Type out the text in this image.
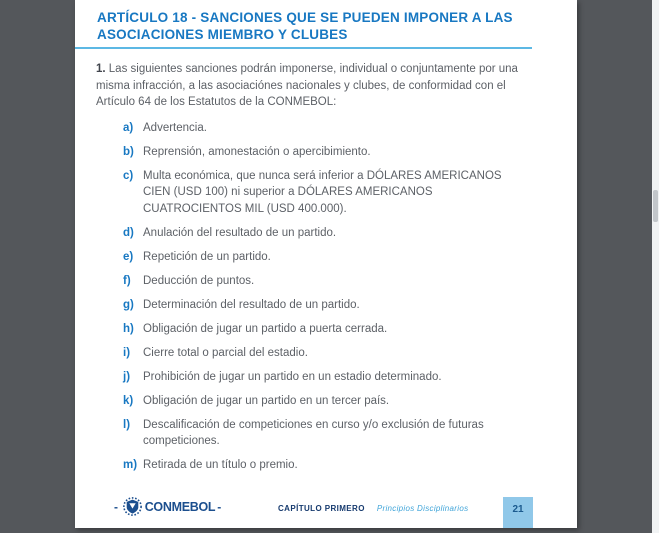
ARTÍCULO 18 - SANCIONES QUE SE PUEDEN IMPONER A LAS ASOCIACIONES MIEMBRO Y CLUBES

1. Las siguientes sanciones podrán imponerse, individual o conjuntamente por una misma infracción, a las asociaciónes nacionales y clubes, de conformidad con el Artículo 64 de los Estatutos de la CONMEBOL:

a) Advertencia.
b) Reprensión, amonestación o apercibimiento.
c) Multa económica, que nunca será inferior a DÓLARES AMERICANOS CIEN (USD 100) ni superior a DÓLARES AMERICANOS CUATROCIENTOS MIL (USD 400.000).
d) Anulación del resultado de un partido.
e) Repetición de un partido.
f)	Deducción de puntos.
g) Determinación del resultado de un partido.
h) Obligación de jugar un partido a puerta cerrada.
i)	Cierre total o parcial del estadio.
j)	Prohibición de jugar un partido en un estadio determinado.
k) Obligación de jugar un partido en un tercer país.
l)	Descalificación de competiciones en curso y/o exclusión de futuras competiciones.
m) Retirada de un título o premio.
- CONMEBOL -	CAPÍTULO PRIMERO Principios Disciplinarios	21
